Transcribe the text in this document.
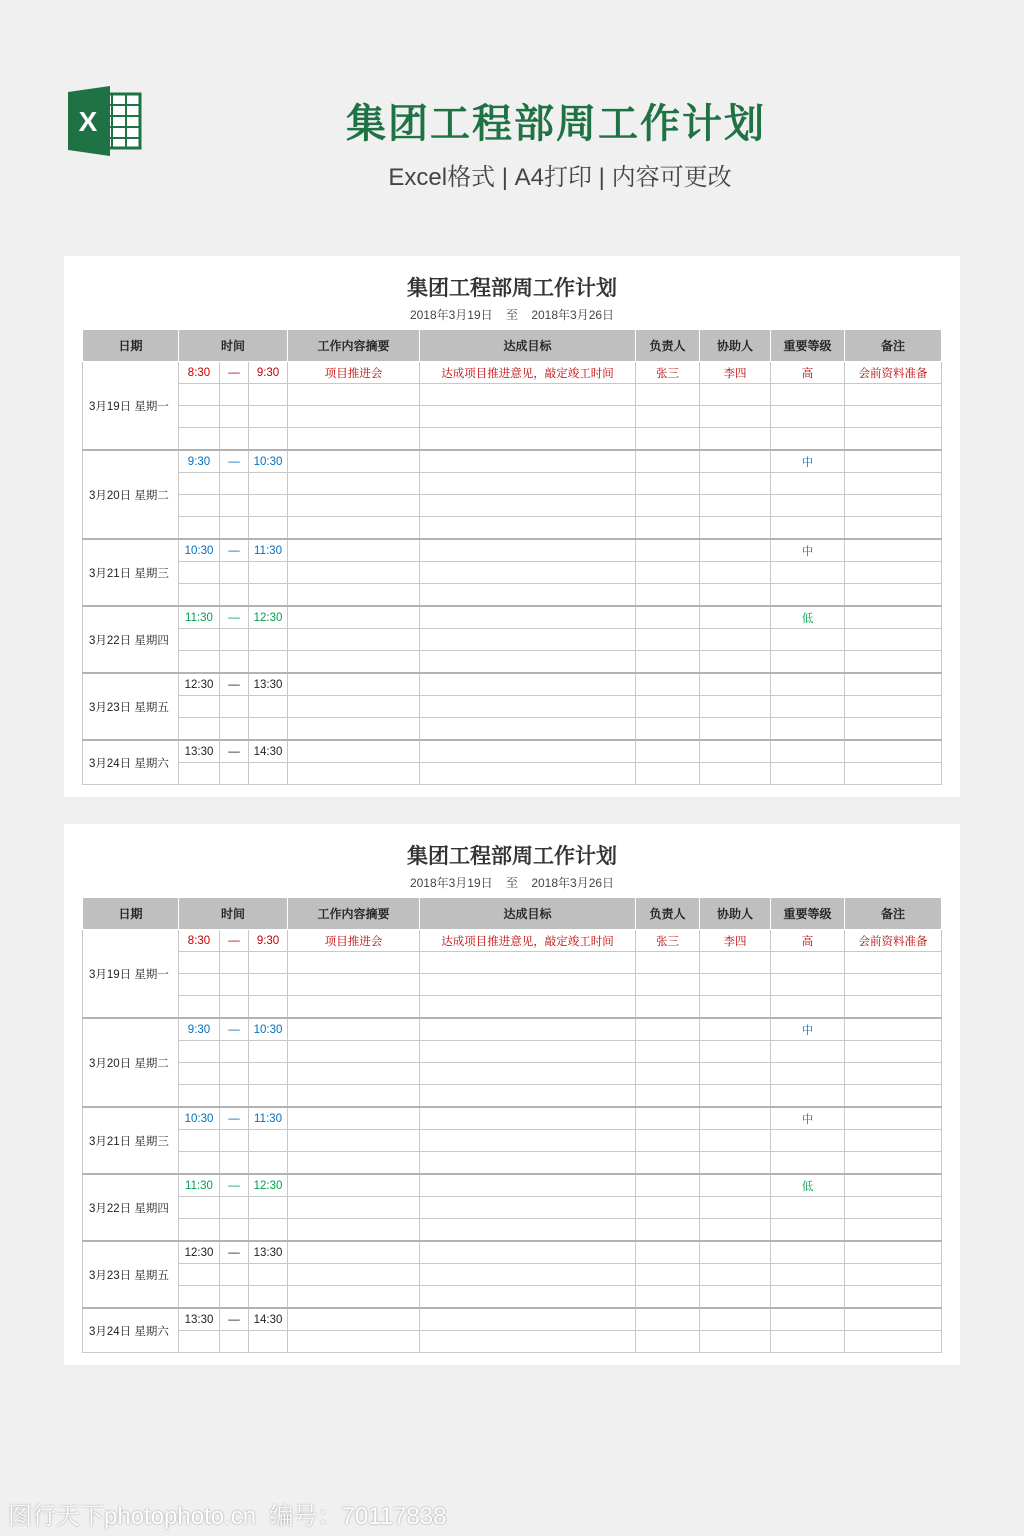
X	集团工程部周工作计划
Excel格式 | A4打印 | 内容可更改
集团工程部周工作计划
2018年3月19日    至    2018年3月26日
日期	时间			工作内容摘要	达成目标	负责人	协助人	重要等级	备注
3月19日 星期一	8:30	—	9:30	项目推进会	达成项目推进意见，敲定竣工时间	张三	李四	高	会前资料准备

3月20日 星期二	9:30	—	10:30					中	

3月21日 星期三	10:30	—	11:30					中	

3月22日 星期四	11:30	—	12:30					低	

3月23日 星期五	12:30	—	13:30						

3月24日 星期六	13:30	—	14:30						

集团工程部周工作计划
2018年3月19日    至    2018年3月26日
日期	时间			工作内容摘要	达成目标	负责人	协助人	重要等级	备注
3月19日 星期一	8:30	—	9:30	项目推进会	达成项目推进意见，敲定竣工时间	张三	李四	高	会前资料准备

3月20日 星期二	9:30	—	10:30					中	

3月21日 星期三	10:30	—	11:30					中	

3月22日 星期四	11:30	—	12:30					低	

3月23日 星期五	12:30	—	13:30						

3月24日 星期六	13:30	—	14:30						

图行天下photophoto.cn  编号：70117838
